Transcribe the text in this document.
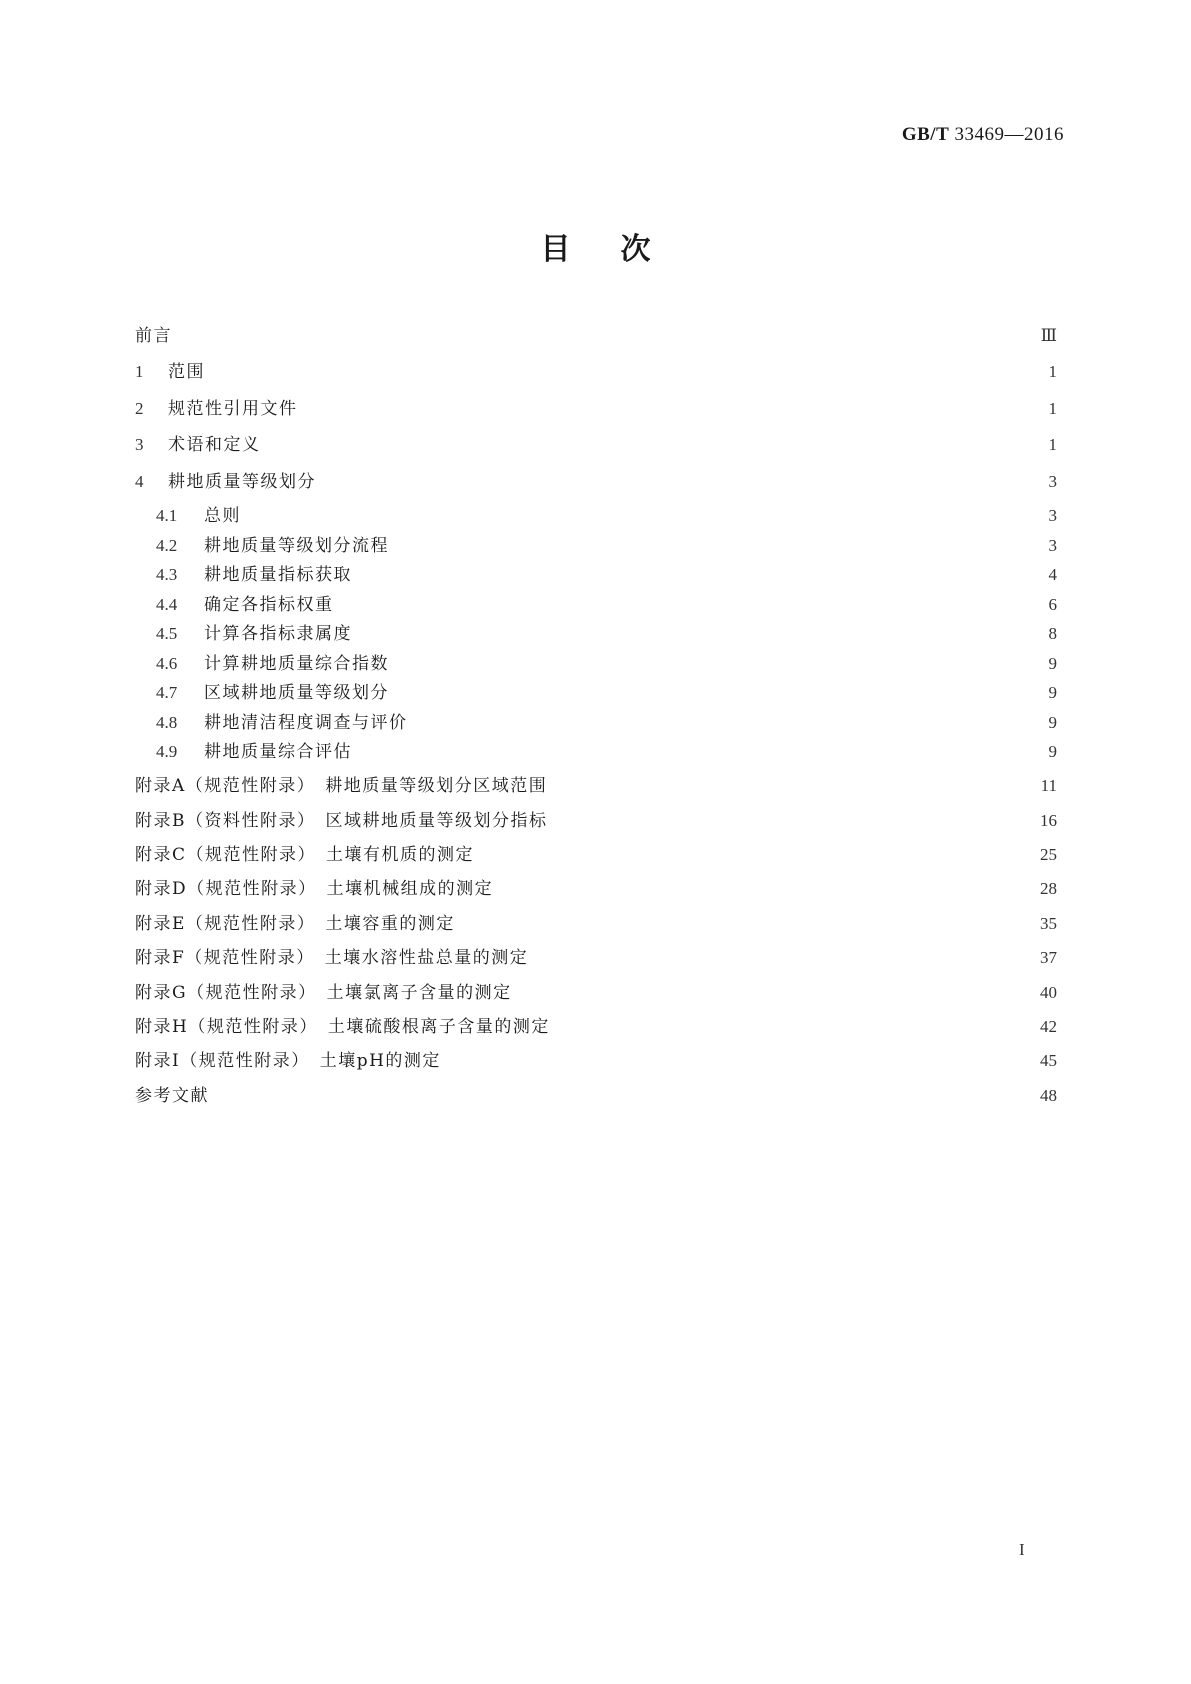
GB/T 33469—2016
目次
前言	Ⅲ
1	范围	1
2	规范性引用文件	1
3	术语和定义	1
4	耕地质量等级划分	3
4.1	总则	3
4.2	耕地质量等级划分流程	3
4.3	耕地质量指标获取	4
4.4	确定各指标权重	6
4.5	计算各指标隶属度	8
4.6	计算耕地质量综合指数	9
4.7	区域耕地质量等级划分	9
4.8	耕地清洁程度调查与评价	9
4.9	耕地质量综合评估	9
附录A（规范性附录）　耕地质量等级划分区域范围	11
附录B（资料性附录）　区域耕地质量等级划分指标	16
附录C（规范性附录）　土壤有机质的测定	25
附录D（规范性附录）　土壤机械组成的测定	28
附录E（规范性附录）　土壤容重的测定	35
附录F（规范性附录）　土壤水溶性盐总量的测定	37
附录G（规范性附录）　土壤氯离子含量的测定	40
附录H（规范性附录）　土壤硫酸根离子含量的测定	42
附录I（规范性附录）　土壤pH的测定	45
参考文献	48
I
